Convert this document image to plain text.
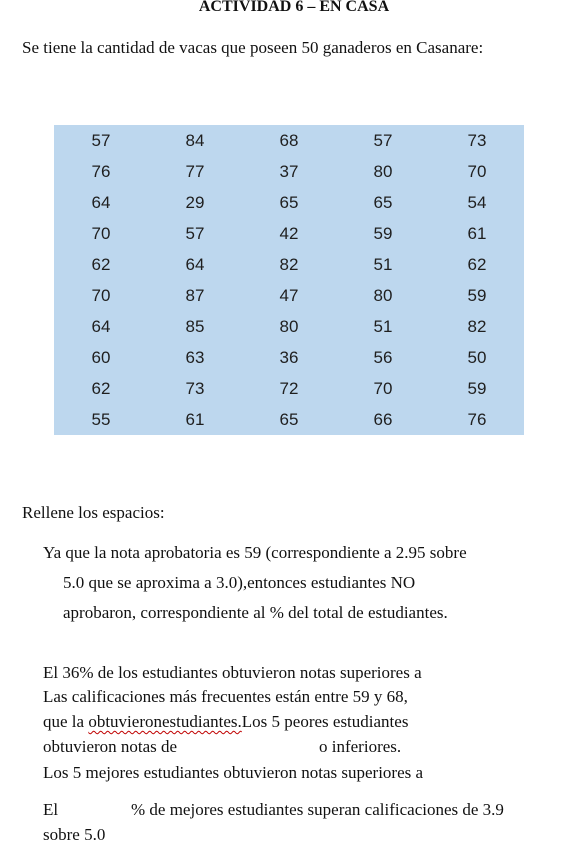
ACTIVIDAD 6 – EN CASA
Se tiene la cantidad de vacas que poseen 50 ganaderos en Casanare:
57	84	68	57	73
76	77	37	80	70
64	29	65	65	54
70	57	42	59	61
62	64	82	51	62
70	87	47	80	59
64	85	80	51	82
60	63	36	56	50
62	73	72	70	59
55	61	65	66	76
Rellene los espacios:
Ya que la nota aprobatoria es 59 (correspondiente a 2.95 sobre
5.0 que se aproxima a 3.0),entonces estudiantes NO
aprobaron, correspondiente al % del total de estudiantes.
El 36% de los estudiantes obtuvieron notas superiores a
Las calificaciones más frecuentes están entre 59 y 68,
que la obtuvieronestudiantes.Los 5 peores estudiantes
obtuvieron notas de	o inferiores.
Los 5 mejores estudiantes obtuvieron notas superiores a
El	% de mejores estudiantes superan calificaciones de 3.9
sobre 5.0
